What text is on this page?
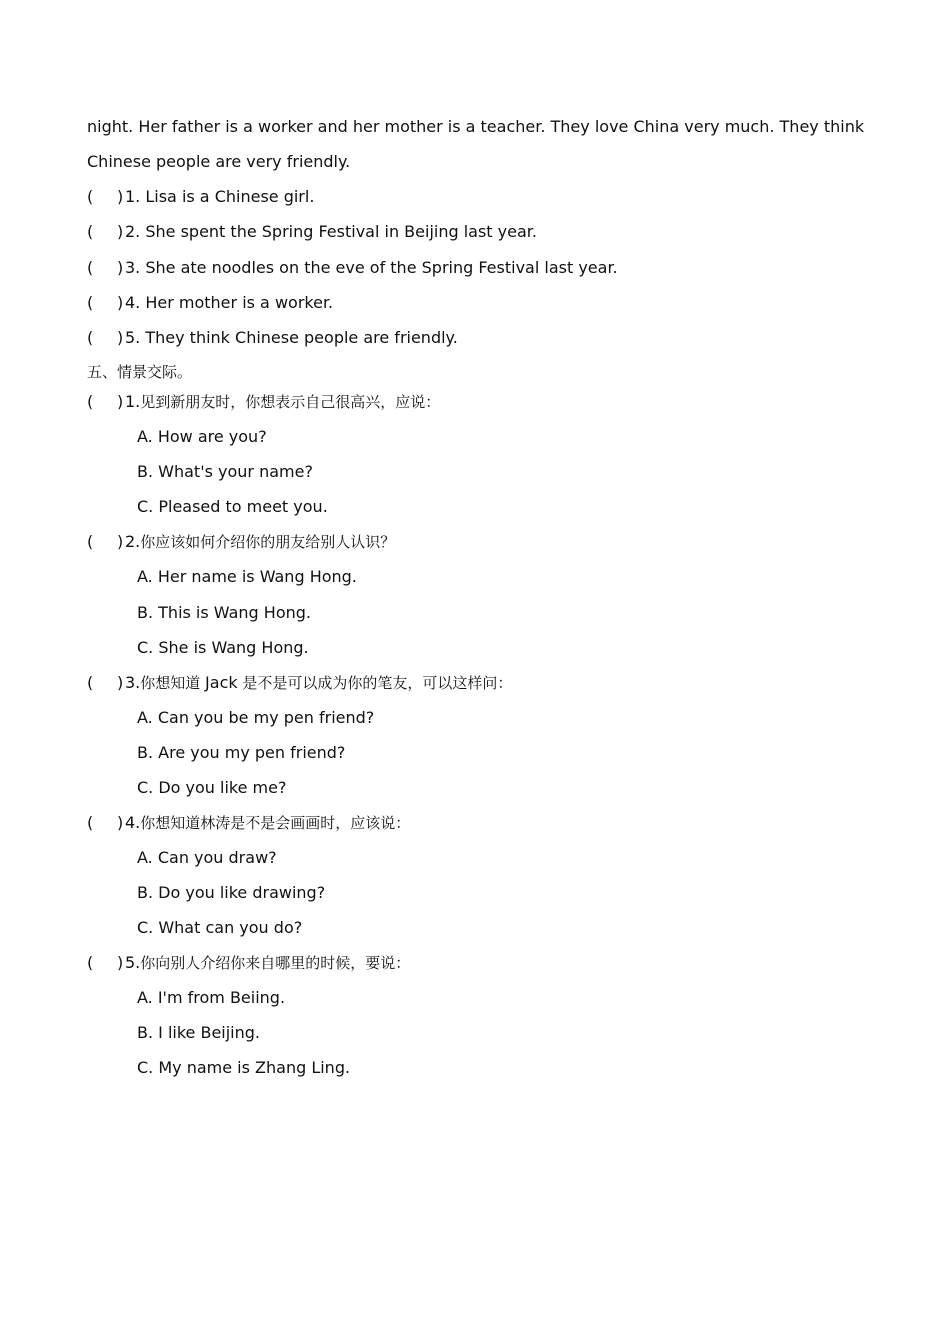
night. Her father is a worker and her mother is a teacher. They love China very much. They think
Chinese people are very friendly.
( ) 1. Lisa is a Chinese girl.
( ) 2. She spent the Spring Festival in Beijing last year.
( ) 3. She ate noodles on the eve of the Spring Festival last year.
( ) 4. Her mother is a worker.
( ) 5. They think Chinese people are friendly.
五、情景交际。
( ) 1.见到新朋友时，你想表示自己很高兴，应说：
A. How are you?
B. What's your name?
C. Pleased to meet you.
( ) 2.你应该如何介绍你的朋友给别人认识？
A. Her name is Wang Hong.
B. This is Wang Hong.
C. She is Wang Hong.
( ) 3.你想知道 Jack 是不是可以成为你的笔友，可以这样问：
A. Can you be my pen friend?
B. Are you my pen friend?
C. Do you like me?
( ) 4.你想知道林涛是不是会画画时，应该说：
A. Can you draw?
B. Do you like drawing?
C. What can you do?
( ) 5.你向别人介绍你来自哪里的时候，要说：
A. I'm from Beiing.
B. I like Beijing.
C. My name is Zhang Ling.
